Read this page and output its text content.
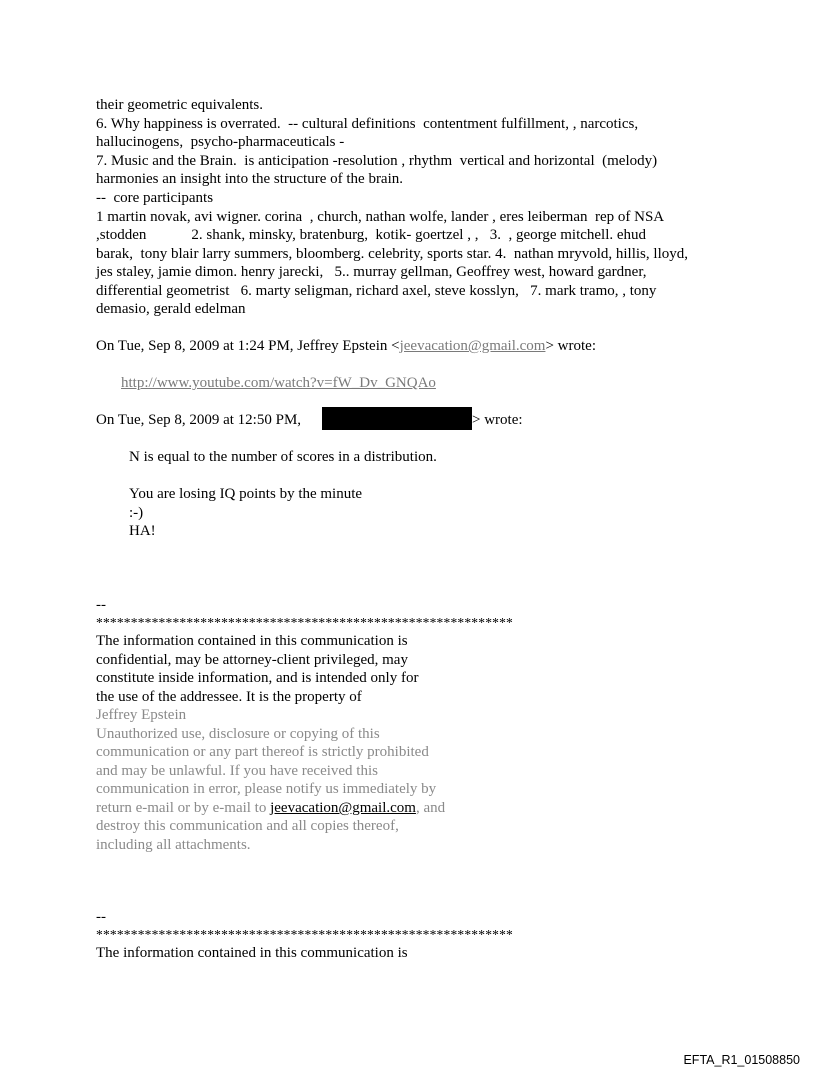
their geometric equivalents.
6. Why happiness is overrated.  -- cultural definitions  contentment fulfillment, , narcotics,
hallucinogens,  psycho-pharmaceuticals -
7. Music and the Brain.  is anticipation -resolution , rhythm  vertical and horizontal  (melody)
harmonies an insight into the structure of the brain.
--  core participants
1 martin novak, avi wigner. corina  , church, nathan wolfe, lander , eres leiberman  rep of NSA
,stodden            2. shank, minsky, bratenburg,  kotik- goertzel , ,   3.  , george mitchell. ehud
barak,  tony blair larry summers, bloomberg. celebrity, sports star. 4.  nathan mryvold, hillis, lloyd,
jes staley, jamie dimon. henry jarecki,   5.. murray gellman, Geoffrey west, howard gardner,
differential geometrist   6. marty seligman, richard axel, steve kosslyn,   7. mark tramo, , tony
demasio, gerald edelman
On Tue, Sep 8, 2009 at 1:24 PM, Jeffrey Epstein <jeevacation@gmail.com> wrote:
http://www.youtube.com/watch?v=fW_Dv_GNQAo
On Tue, Sep 8, 2009 at 12:50 PM,	> wrote:
N is equal to the number of scores in a distribution.
You are losing IQ points by the minute
:-)
HA!
--
************************************************************
The information contained in this communication is
confidential, may be attorney-client privileged, may
constitute inside information, and is intended only for
the use of the addressee. It is the property of
Jeffrey Epstein
Unauthorized use, disclosure or copying of this
communication or any part thereof is strictly prohibited
and may be unlawful. If you have received this
communication in error, please notify us immediately by
return e-mail or by e-mail to jeevacation@gmail.com, and
destroy this communication and all copies thereof,
including all attachments.
--
************************************************************
The information contained in this communication is
EFTA_R1_01508850
